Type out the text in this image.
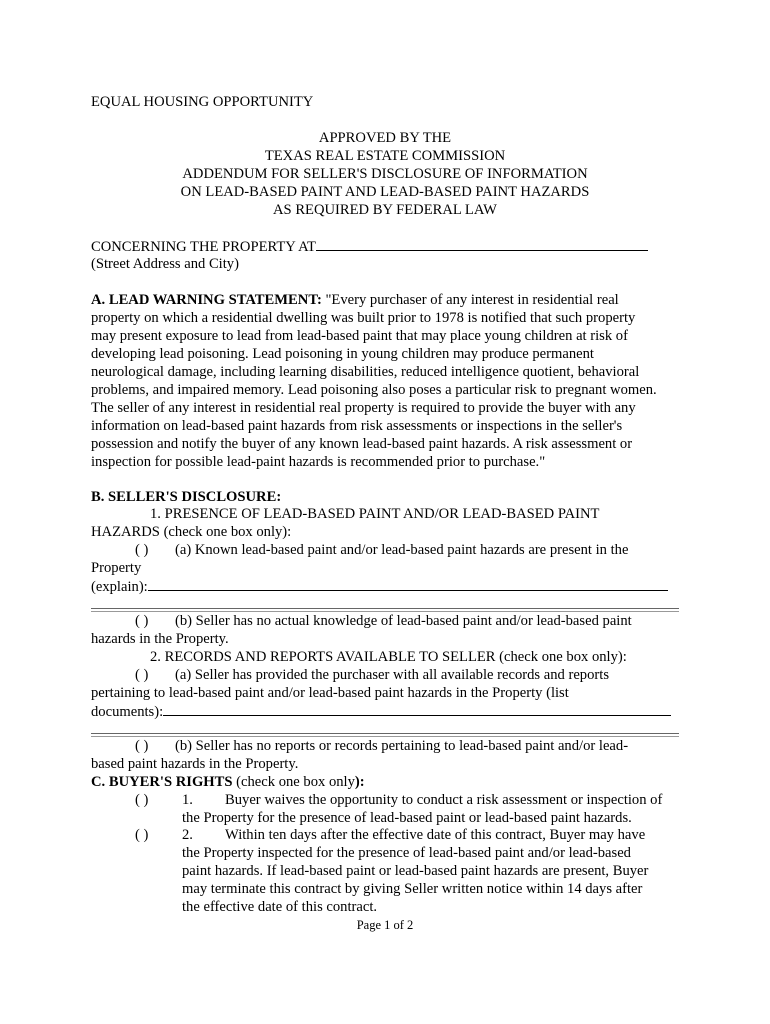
EQUAL HOUSING OPPORTUNITY
APPROVED BY THE
TEXAS REAL ESTATE COMMISSION
ADDENDUM FOR SELLER'S DISCLOSURE OF INFORMATION
ON LEAD-BASED PAINT AND LEAD-BASED PAINT HAZARDS
AS REQUIRED BY FEDERAL LAW
CONCERNING THE PROPERTY AT
(Street Address and City)
A. LEAD WARNING STATEMENT: "Every purchaser of any interest in residential real
property on which a residential dwelling was built prior to 1978 is notified that such property
may present exposure to lead from lead-based paint that may place young children at risk of
developing lead poisoning. Lead poisoning in young children may produce permanent
neurological damage, including learning disabilities, reduced intelligence quotient, behavioral
problems, and impaired memory. Lead poisoning also poses a particular risk to pregnant women.
The seller of any interest in residential real property is required to provide the buyer with any
information on lead-based paint hazards from risk assessments or inspections in the seller's
possession and notify the buyer of any known lead-based paint hazards. A risk assessment or
inspection for possible lead-paint hazards is recommended prior to purchase."
B. SELLER'S DISCLOSURE:
1. PRESENCE OF LEAD-BASED PAINT AND/OR LEAD-BASED PAINT
HAZARDS (check one box only):
( ) (a) Known lead-based paint and/or lead-based paint hazards are present in the
Property
(explain):
( ) (b) Seller has no actual knowledge of lead-based paint and/or lead-based paint
hazards in the Property.
2. RECORDS AND REPORTS AVAILABLE TO SELLER (check one box only):
( ) (a) Seller has provided the purchaser with all available records and reports
pertaining to lead-based paint and/or lead-based paint hazards in the Property (list
documents):
( ) (b) Seller has no reports or records pertaining to lead-based paint and/or lead-
based paint hazards in the Property.
C. BUYER'S RIGHTS (check one box only):
( ) 1. Buyer waives the opportunity to conduct a risk assessment or inspection of
the Property for the presence of lead-based paint or lead-based paint hazards.
( ) 2. Within ten days after the effective date of this contract, Buyer may have
the Property inspected for the presence of lead-based paint and/or lead-based
paint hazards. If lead-based paint or lead-based paint hazards are present, Buyer
may terminate this contract by giving Seller written notice within 14 days after
the effective date of this contract.
Page 1 of 2
